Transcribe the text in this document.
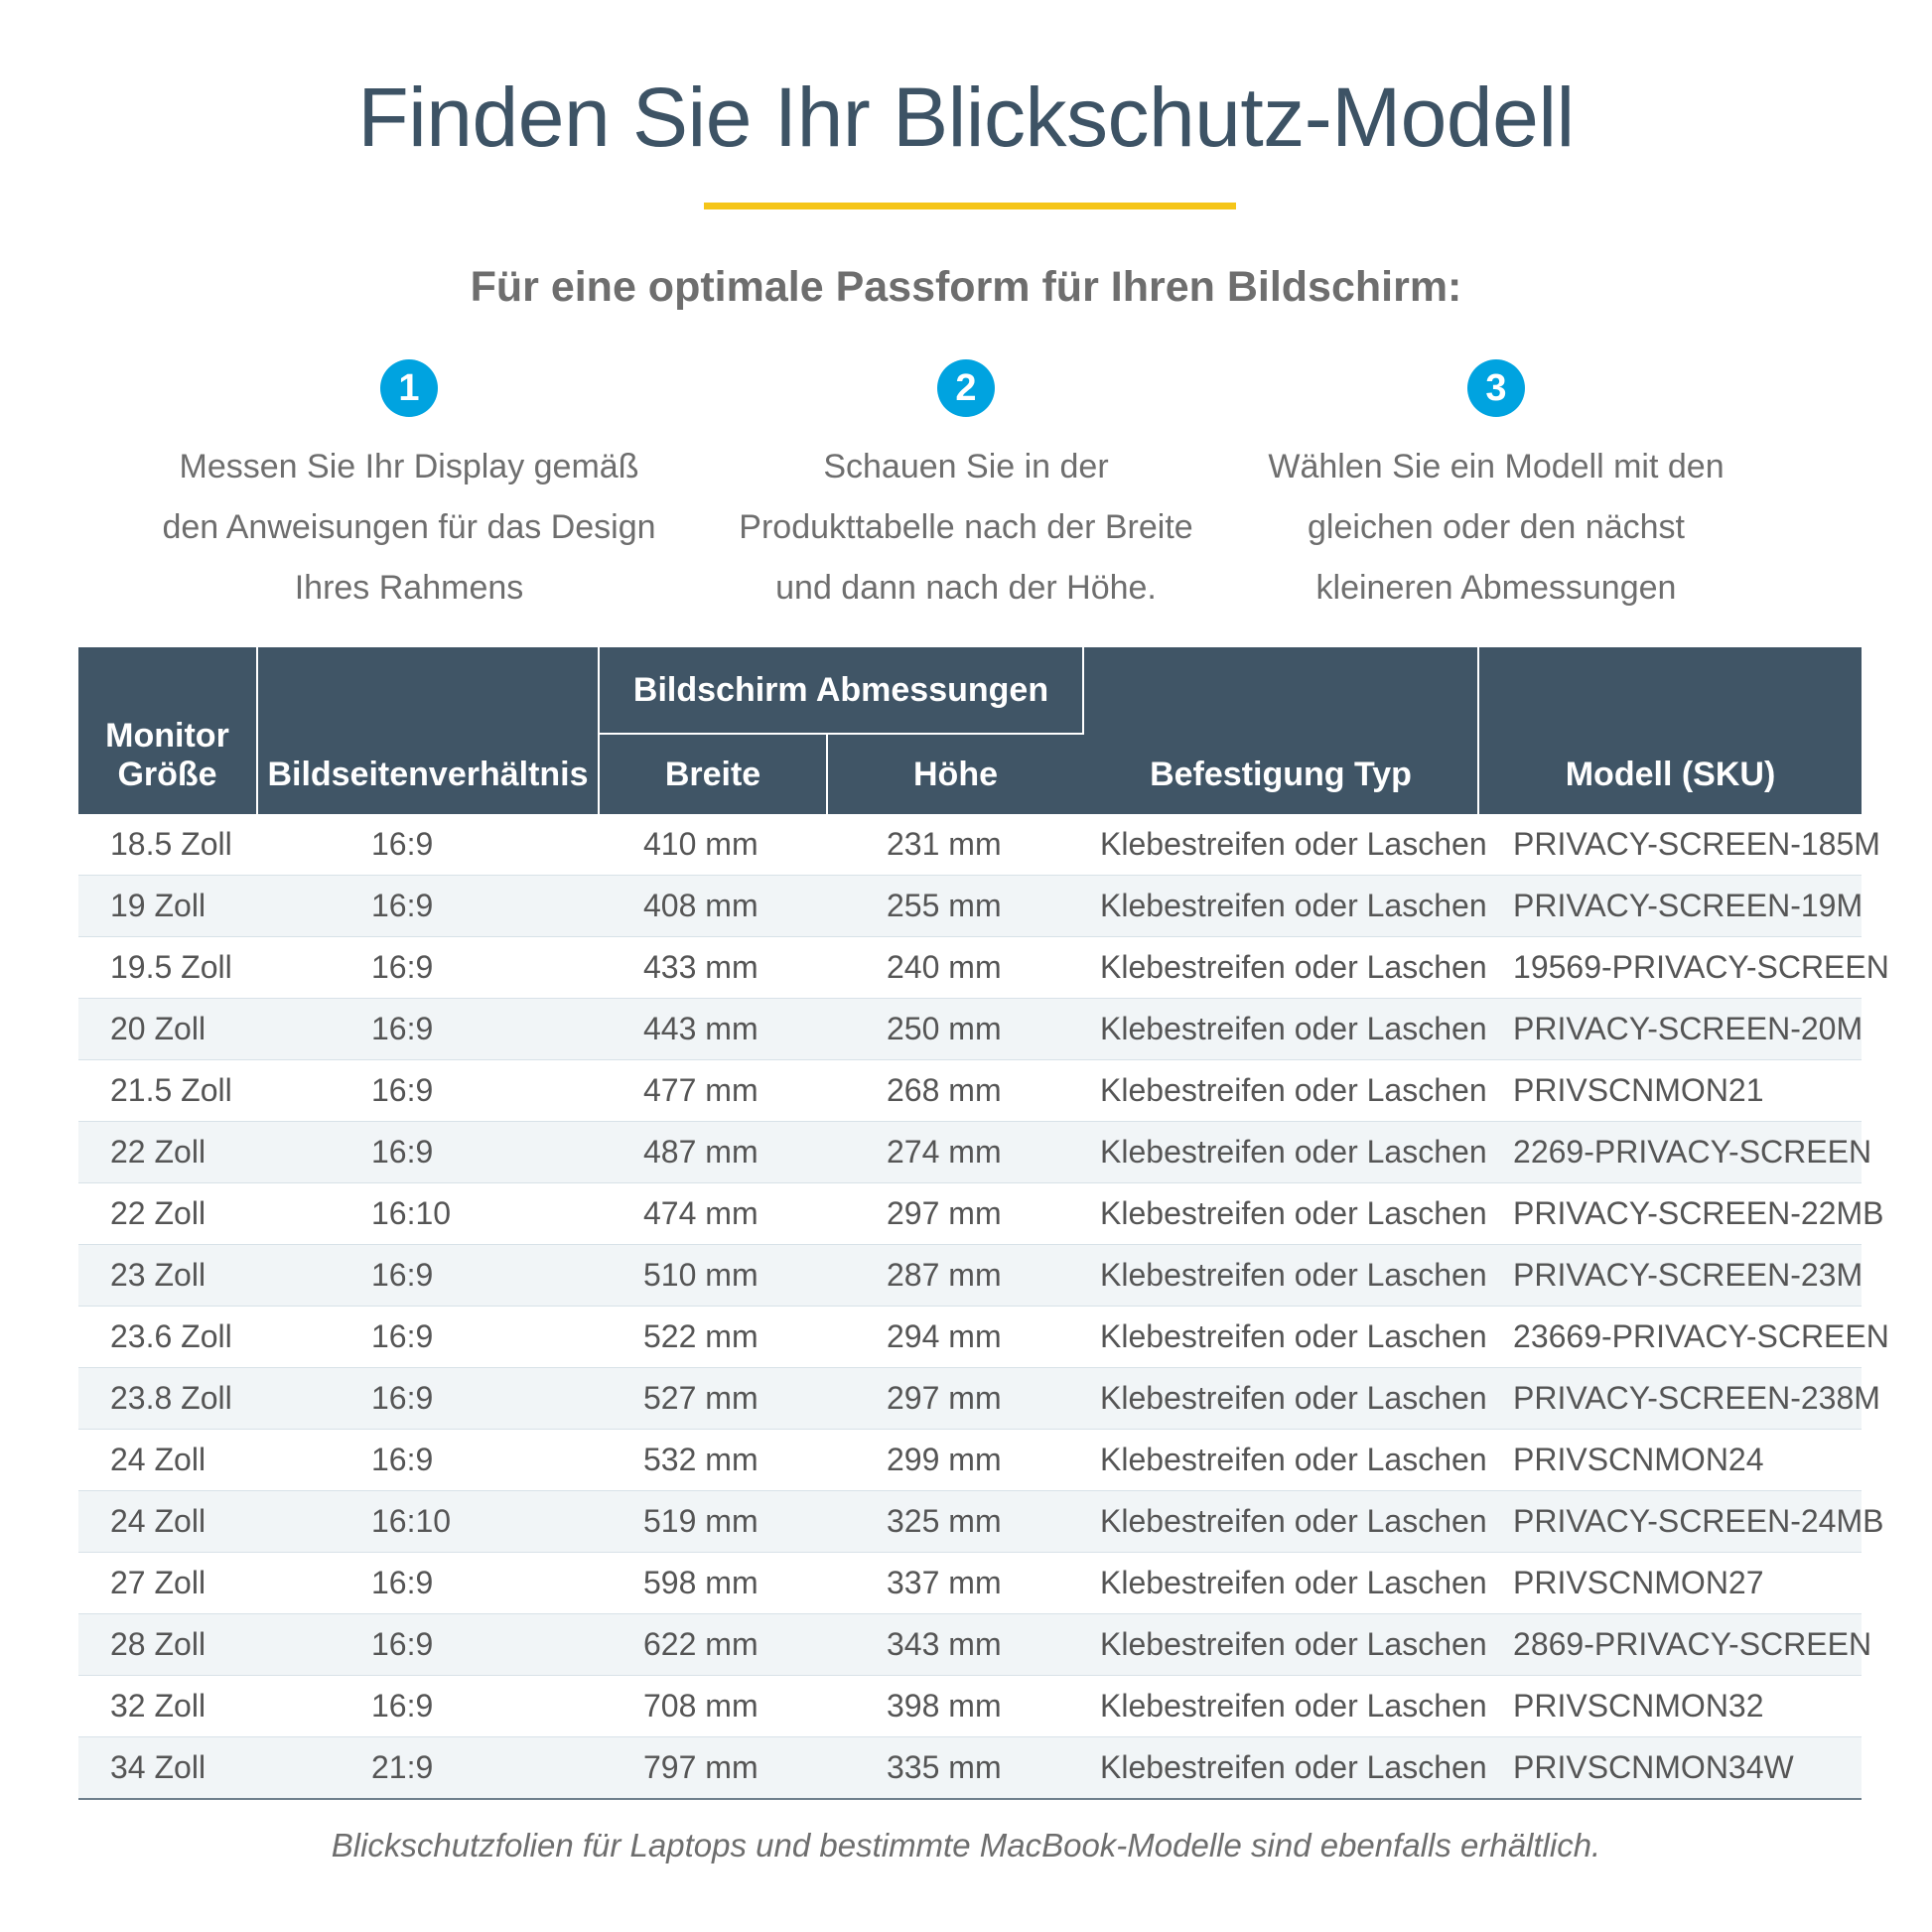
Finden Sie Ihr Blickschutz-Modell
Für eine optimale Passform für Ihren Bildschirm:
1
Messen Sie Ihr Display gemäß den Anweisungen für das Design Ihres Rahmens
2
Schauen Sie in der Produkttabelle nach der Breite und dann nach der Höhe.
3
Wählen Sie ein Modell mit den gleichen oder den nächst kleineren Abmessungen
Monitor Größe	Bildseitenverhältnis	Bildschirm Abmessungen		Befestigung Typ	Modell (SKU)
		Breite	Höhe		
18.5 Zoll	16:9	410 mm	231 mm	Klebestreifen oder Laschen	PRIVACY-SCREEN-185M
19 Zoll	16:9	408 mm	255 mm	Klebestreifen oder Laschen	PRIVACY-SCREEN-19M
19.5 Zoll	16:9	433 mm	240 mm	Klebestreifen oder Laschen	19569-PRIVACY-SCREEN
20 Zoll	16:9	443 mm	250 mm	Klebestreifen oder Laschen	PRIVACY-SCREEN-20M
21.5 Zoll	16:9	477 mm	268 mm	Klebestreifen oder Laschen	PRIVSCNMON21
22 Zoll	16:9	487 mm	274 mm	Klebestreifen oder Laschen	2269-PRIVACY-SCREEN
22 Zoll	16:10	474 mm	297 mm	Klebestreifen oder Laschen	PRIVACY-SCREEN-22MB
23 Zoll	16:9	510 mm	287 mm	Klebestreifen oder Laschen	PRIVACY-SCREEN-23M
23.6 Zoll	16:9	522 mm	294 mm	Klebestreifen oder Laschen	23669-PRIVACY-SCREEN
23.8 Zoll	16:9	527 mm	297 mm	Klebestreifen oder Laschen	PRIVACY-SCREEN-238M
24 Zoll	16:9	532 mm	299 mm	Klebestreifen oder Laschen	PRIVSCNMON24
24 Zoll	16:10	519 mm	325 mm	Klebestreifen oder Laschen	PRIVACY-SCREEN-24MB
27 Zoll	16:9	598 mm	337 mm	Klebestreifen oder Laschen	PRIVSCNMON27
28 Zoll	16:9	622 mm	343 mm	Klebestreifen oder Laschen	2869-PRIVACY-SCREEN
32 Zoll	16:9	708 mm	398 mm	Klebestreifen oder Laschen	PRIVSCNMON32
34 Zoll	21:9	797 mm	335 mm	Klebestreifen oder Laschen	PRIVSCNMON34W
Blickschutzfolien für Laptops und bestimmte MacBook-Modelle sind ebenfalls erhältlich.
